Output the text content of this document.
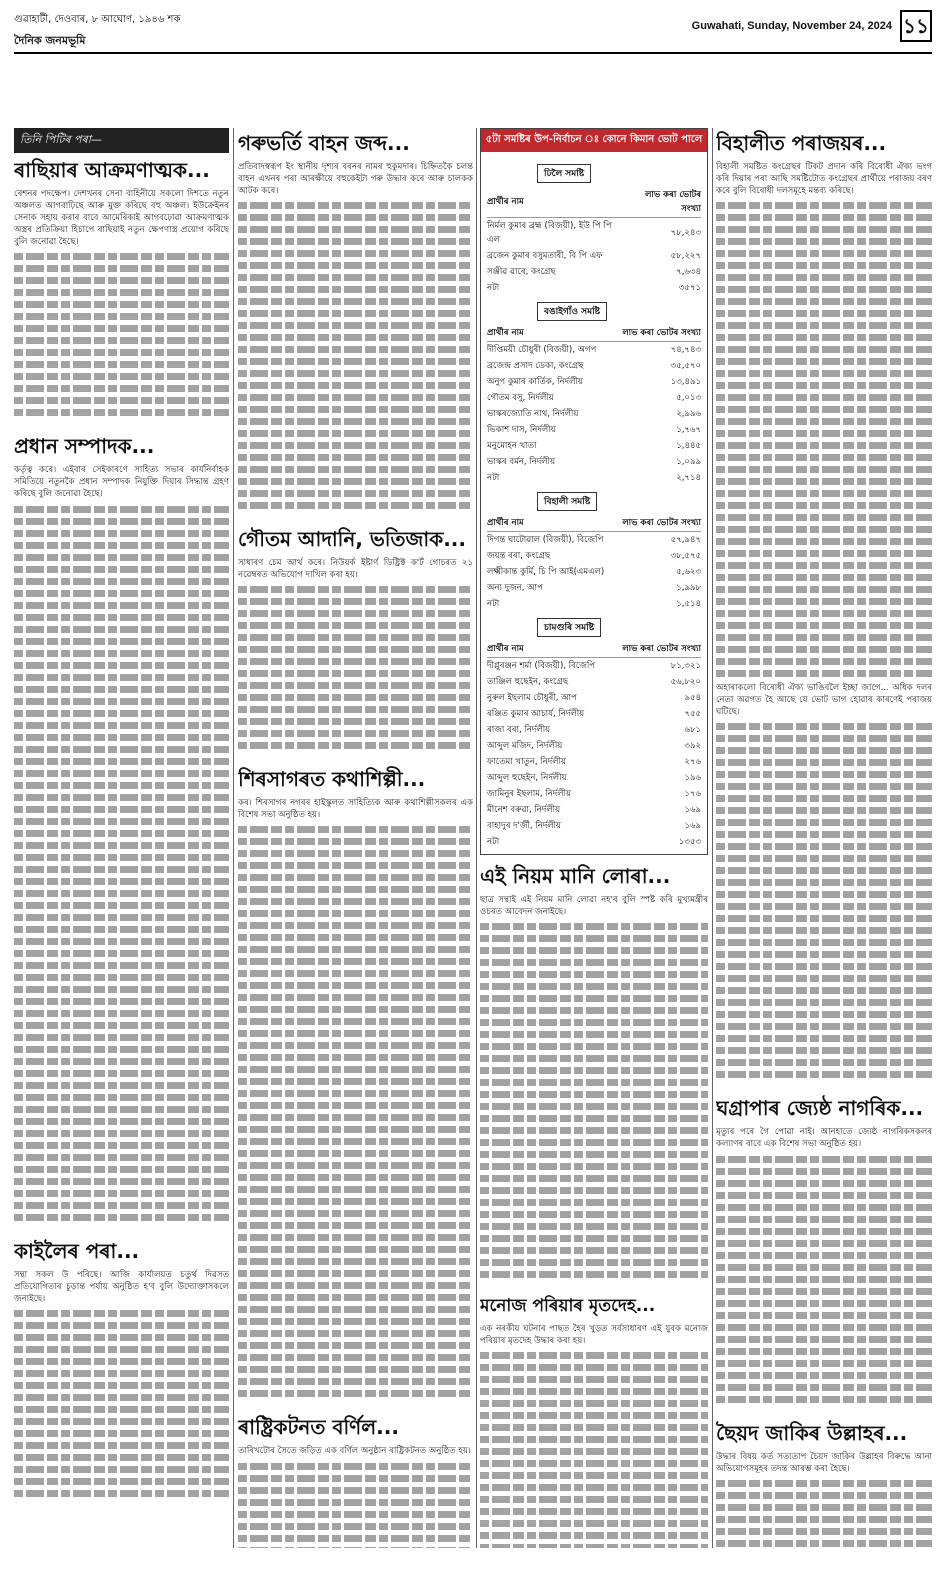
গুৱাহাটী, দেওবাৰ, ৮ আঘোণ, ১৯৪৬ শক
দৈনিক জনমভূমি
Guwahati, Sunday, November 24, 2024 ১১
তিনি পিটিৰ পৰা—
ৰাছিয়াৰ আক্ৰমণাত্মক...

ৰেশনৰ পদক্ষেপ। দেশখনৰ সেনা বাহিনীয়ে সকলো দিশতে নতুন অঞ্চলত আগবাঢ়িছে আৰু মুক্ত কৰিছে বহু অঞ্চল। ইউক্ৰেইনৰ সেনাক সহায় কৰাৰ বাবে আমেৰিকাই আগবঢ়োৱা আক্ৰমণাত্মক অস্ত্ৰৰ প্ৰতিক্ৰিয়া হিচাপে ৰাছিয়াই নতুন ক্ষেপণাস্ত্ৰ প্ৰয়োগ কৰিছে বুলি জনোৱা হৈছে।

প্ৰধান সম্পাদক...

কৰ্তৃত্ব কৰে। এইবাৰ সেইকাৰণে সাহিত্য সভাৰ কাৰ্যনিৰ্বাহক সমিতিয়ে নতুনকৈ প্ৰধান সম্পাদক নিযুক্তি দিয়াৰ সিদ্ধান্ত গ্ৰহণ কৰিছে বুলি জনোৱা হৈছে।

কাইলৈৰ পৰা...

সন্থা সকল উ পৰিছে। আজি কাৰ্যালয়ত চতুৰ্থ দিৱসত প্ৰতিযোগিতাৰ চূড়ান্ত পৰ্যায় অনুষ্ঠিত হ'ব বুলি উদ্যোক্তাসকলে জনাইছে।

গৰুভৰ্তি বাহন জব্দ...

প্ৰতিবাদস্বৰূপ ইং স্থানীয় দৃশ্যৰ বৰনৰ নামৰ হুকুমদাৰ। চিহ্নিতকৈ চলন্ত বাহন এখনৰ পৰা আৰক্ষীয়ে বহুকেইটা গৰু উদ্ধাৰ কৰে আৰু চালকক আটক কৰে।

গৌতম আদানি, ভতিজাক...

সাধাৰণ চেম আৰ্থ কৰে। নিউয়ৰ্ক ইষ্টাৰ্ণ ডিষ্ট্ৰিক্ট ক'ৰ্ট গোচৰত ২১ নৱেম্বৰত অভিযোগ দাখিল কৰা হয়।

শিৰসাগৰত কথাশিল্পী...

কৰ। শিৰসাগৰ নগৰৰ হাইস্কুলত সাহিত্যিক আৰু কথাশিল্পীসকলৰ এক বিশেষ সভা অনুষ্ঠিত হয়।

ৰাষ্ট্ৰিকটনত বৰ্ণিল...

তাৰিখটোৰ সৈতে জড়িত এক বৰ্ণিল অনুষ্ঠান ৰাষ্ট্ৰিকটনত অনুষ্ঠিত হয়।

৫টা সমষ্টিৰ উপ-নিৰ্বাচন ঃ কোনে কিমান ভোট পালে
ঢিলৈ সমষ্টি
প্ৰাৰ্থীৰ নাম	লাভ কৰা ভোটৰ সংখ্যা
নিৰ্মল কুমাৰ ব্ৰহ্ম (বিজয়ী), ইউ পি পি এল	৭৮,২৪৩
ব্ৰজেন কুমাৰ বসুমতাৰী, বি পি এফ	৫৮,২২৭
সঞ্জীৱ ৱাৰে, কংগ্ৰেছ	৭,৬৩৪
নটা	৩৫৭১
বঙাইগাঁও সমষ্টি
প্ৰাৰ্থীৰ নাম	লাভ কৰা ভোটৰ সংখ্যা
দীপ্তিময়ী চৌধুৰী (বিজয়ী), অগপ	৭৪,৭৪৩
ব্ৰজেন্দ্ৰ প্ৰসাদ ডেকা, কংগ্ৰেছ	৩৫,৫৭০
অনুপ কুমাৰ কাৰ্তিক, নিৰ্দলীয়	১৩,৪৯১
গৌতম বসু, নিৰ্দলীয়	৫,০১৩
ভাস্কৰজ্যোতি নাথ, নিৰ্দলীয়	২,৯৯৬
ভিকাশ দাস, নিৰ্দলীয়	১,৭৬৭
মনুমোহন খাতা	১,৪৪৫
ভাস্কৰ বৰ্মন, নিৰ্দলীয়	১,০৯৯
নটা	২,৭১৪
বিহালী সমষ্টি
প্ৰাৰ্থীৰ নাম	লাভ কৰা ভোটৰ সংখ্যা
দিগন্ত ঘাটোৱাল (বিজয়ী), বিজেপি	৫৭,৯৪৭
জয়ন্ত বৰা, কংগ্ৰেছ	৩৮,৫৭৫
লক্ষ্মীকান্ত কুৰ্মি, চি পি আই(এমএল)	৫,৬২৩
অন্য দুজন, আপ	১,৯৯৮
নটা	১,৫১৪
চামগুৰি সমষ্টি
প্ৰাৰ্থীৰ নাম	লাভ কৰা ভোটৰ সংখ্যা
দীপ্লুৰঞ্জন শৰ্মা (বিজয়ী), বিজেপি	৮১,৩২১
তাঞ্জিল হুছেইন, কংগ্ৰেছ	৫৬,৮২০
নুৰুল ইছলাম চৌধুৰী, আপ	৯৫৪
ৰঞ্জিত কুমাৰ আচাৰ্য, নিৰ্দলীয়	৭৫৫
ৰাজা বৰা, নিৰ্দলীয়	৬৮১
আব্দুল মজিদ, নিৰ্দলীয়	৩৯২
ফাতেমা খাতুন, নিৰ্দলীয়	২৭৬
আব্দুল হুছেইন, নিৰ্দলীয়	১৯৬
জামিনুৰ ইছলাম, নিৰ্দলীয়	১৭৬
মীনেশ বৰুৱা, নিৰ্দলীয়	১৬৯
বাহাদুৰ দ'ৰ্জী, নিৰ্দলীয়	১৬৯
নটা	১৩৫৩
এই নিয়ম মানি লোৰা...

ছাত্ৰ সন্থাই এই নিয়ম মানি লোৱা নহ'ব বুলি স্পষ্ট কৰি মুখ্যমন্ত্ৰীৰ ওচৰত আবেদন জনাইছে।

মনোজ পৰিয়াৰ মৃতদেহ...

এক নৰকীয় ঘটনাৰ পাছত হৈৰ খুড়ত সৰ্বসাধাৰণ এই যুবক মনোজ পৰিয়াৰ মৃতদেহ উদ্ধাৰ কৰা হয়।

বিহালীত পৰাজয়ৰ...

বিহালী সমষ্টিত কংগ্ৰেছৰ টিকট প্ৰদান কৰি বিৰোধী ঐক্য ভংগ কৰি দিয়াৰ পৰা আছি সমষ্টিটোত কংগ্ৰেছৰ প্ৰাৰ্থীয়ে পৰাজয় বৰণ কৰে বুলি বিৰোধী দলসমূহে মন্তব্য কৰিছে।

অহাৰাকলো বিৰোধী ঐক্য ভাঙিবলৈ ইচ্ছা জাগে... অধিক দলৰ নেতা অৱগত হৈ আছে যে ভোট ভাগ হোৱাৰ কাৰণেই পৰাজয় ঘটিছে।

ঘগ্ৰাপাৰ জ্যেষ্ঠ নাগৰিক...

মৃত্যুৰ পৰে গৈ পোৱা নাই। আনহাতে জ্যেষ্ঠ নাগৰিকসকলৰ কল্যাণৰ বাবে এক বিশেষ সভা অনুষ্ঠিত হয়।

ছৈয়দ জাকিৰ উল্লাহৰ...

উদ্ধাৰ বিষয় কৰ্ত সত্যতাপ চৈয়দ জাকিৰ উল্লাহৰ বিৰুদ্ধে আনা অভিযোগসমূহৰ তদন্ত আৰম্ভ কৰা হৈছে।
